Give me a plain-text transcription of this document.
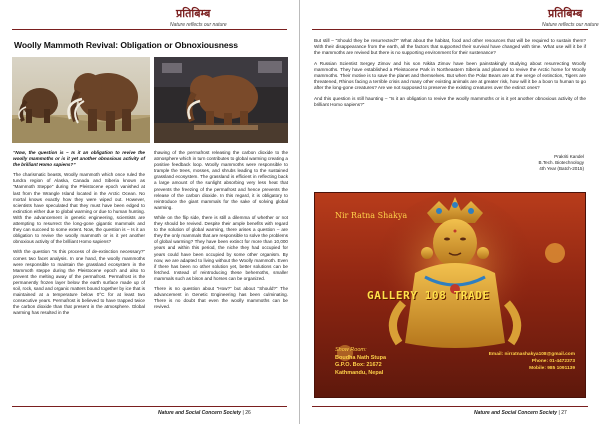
प्रतिबिम्ब
Nature reflects our nature
Woolly Mammoth Revival: Obligation or Obnoxiousness

“Now, the question is – Is it an obligation to revive the woolly mammoths or is it yet another obnoxious activity of the brilliant Homo sapiens?”

The charismatic beasts, Woolly mammoth which once ruled the tundra region of Alaska, Canada and Siberia known as “Mammoth Steppe” during the Pleistocene epoch vanished at last from the Wrangle Island located in the Arctic Ocean. No mortal knows exactly how they were wiped out. However, scientists have speculated that they must have been edged to extinction either due to global warming or due to human hunting. With the advancement in genetic engineering, scientists are attempting to resurrect the long-gone gigantic mammals and they can succeed to some extent. Now, the question is – Is it an obligation to revive the woolly mammoth or is it yet another obnoxious activity of the brilliant Homo sapiens?

With the question “Is this process of de-extinction necessary?” comes two facet analysis. In one hand, the woolly mammoths were responsible to maintain the grassland ecosystem in the Mammoth steppe during the Pleistocene epoch and also to prevent the melting away of the permafrost. Permafrost is the permanently frozen layer below the earth surface made up of soil, rock, sand and organic matters bound together by ice that is maintained at a temperature below 0°C for at least two consecutive years. Permafrost is believed to have trapped twice the carbon dioxide than that present in the atmosphere. Global warming has resulted in the

thawing of the permafrost releasing the carbon dioxide to the atmosphere which in turn contributes to global warming creating a positive feedback loop. Woolly mammoths were responsible to trample the trees, mosses, and shrubs leading to the sustained grassland ecosystem. The grassland is efficient in reflecting back a large amount of the sunlight absorbing very less heat that prevents the freezing of the permafrost and hence prevents the release of the carbon dioxide. In this regard, it is obligatory to reintroduce the giant mammals for the sake of solving global warming.

While on the flip side, there is still a dilemma of whether or not they should be revived. Despite their ample benefits with regard to the solution of global warming, there arises a question – are they the only mammals that are responsible to solve the problems of global warming? They have been extinct for more than 10,000 years and within this period, the niche they had occupied for years could have been occupied by some other organism. By now, we are adapted to living without the Woolly mammoth. Even if there has been no other solution yet, better solutions can be fetched. Instead of reintroducing these behemoths, smaller mammals such as bison and horses can be organized.

There is no question about “How?” but about “Should?” The advancement in Genetic Engineering has been culminating. There is no doubt that even the woolly mammoths can be revived.

Nature and Social Concern Society | 26
प्रतिबिम्ब
Nature reflects our nature

But still – “Should they be resurrected?” What about the habitat, food and other resources that will be required to sustain them? With their disappearance from the earth, all the factors that supported their survival have changed with time. What use will it be if the mammoths are revived but there is no supporting environment for their sustenance?

A Russian Scientist Sergey Zimov and his son Nikita Zimov have been painstakingly studying about resurrecting Woolly mammoths. They have established a Pleistocene Park in Northeastern Siberia and planned to revive the Arctic home for Woolly mammoths. Their motive is to save the planet and themselves. But when the Polar Bears are at the verge of extinction, Tigers are threatened, Rhinos facing a terrible crisis and many other existing animals are at greater risk, how will it be a boon to human to go after the long-gone creatures? Are we not supposed to preserve the existing creatures over the extinct ones?

And this question is still haunting – “Is it an obligation to revive the woolly mammoths or is it yet another obnoxious activity of the brilliant Homo sapiens?”

Prakriti Kandel
B.Tech. Biotechnology
4th Year (Batch-2015)
Nir Ratna Shakya
GALLERY 108 TRADE
Show Room:
Boudha Nath Stupa
G.P.O. Box: 21672
Kathmandu, Nepal
Email: nirratnashakya108@gmail.com
Phone: 01-4472373
Mobile: 985 1091139
Nature and Social Concern Society | 27
